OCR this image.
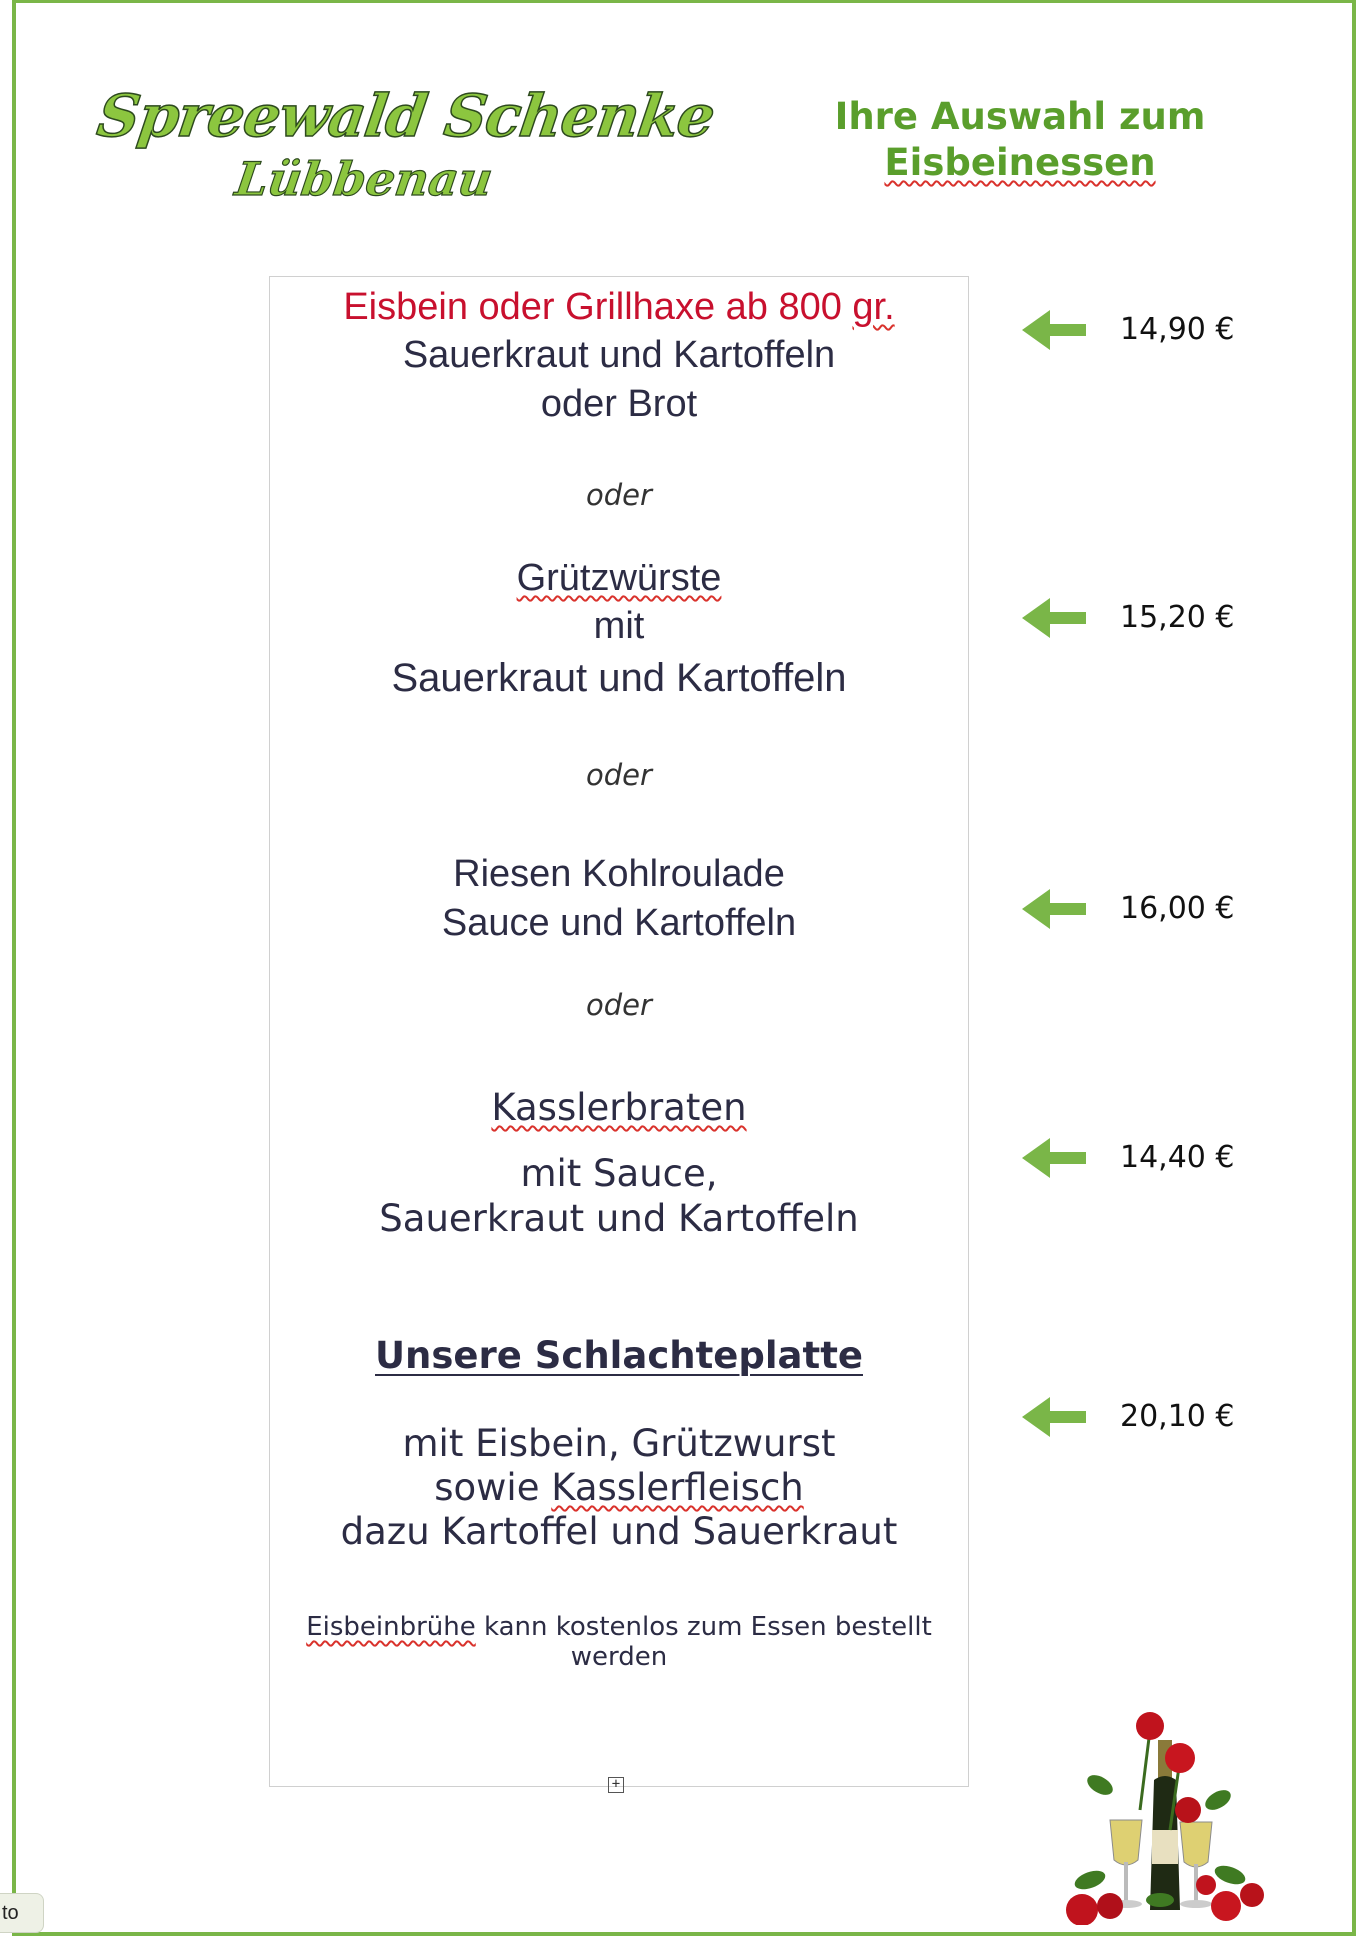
Spreewald Schenke
Lübbenau
Ihre Auswahl zum
Eisbeinessen
Eisbein oder Grillhaxe ab 800 gr.
Sauerkraut und Kartoffeln
oder Brot
oder
Grützwürste
mit
Sauerkraut und Kartoffeln
oder
Riesen Kohlroulade
Sauce und Kartoffeln
oder
Kasslerbraten
mit Sauce,
Sauerkraut und Kartoffeln
Unsere Schlachteplatte
mit Eisbein, Grützwurst
sowie Kasslerfleisch
dazu Kartoffel und Sauerkraut
Eisbeinbrühe kann kostenlos zum Essen bestellt
werden
+
14,90 €
15,20 €
16,00 €
14,40 €
20,10 €
to
